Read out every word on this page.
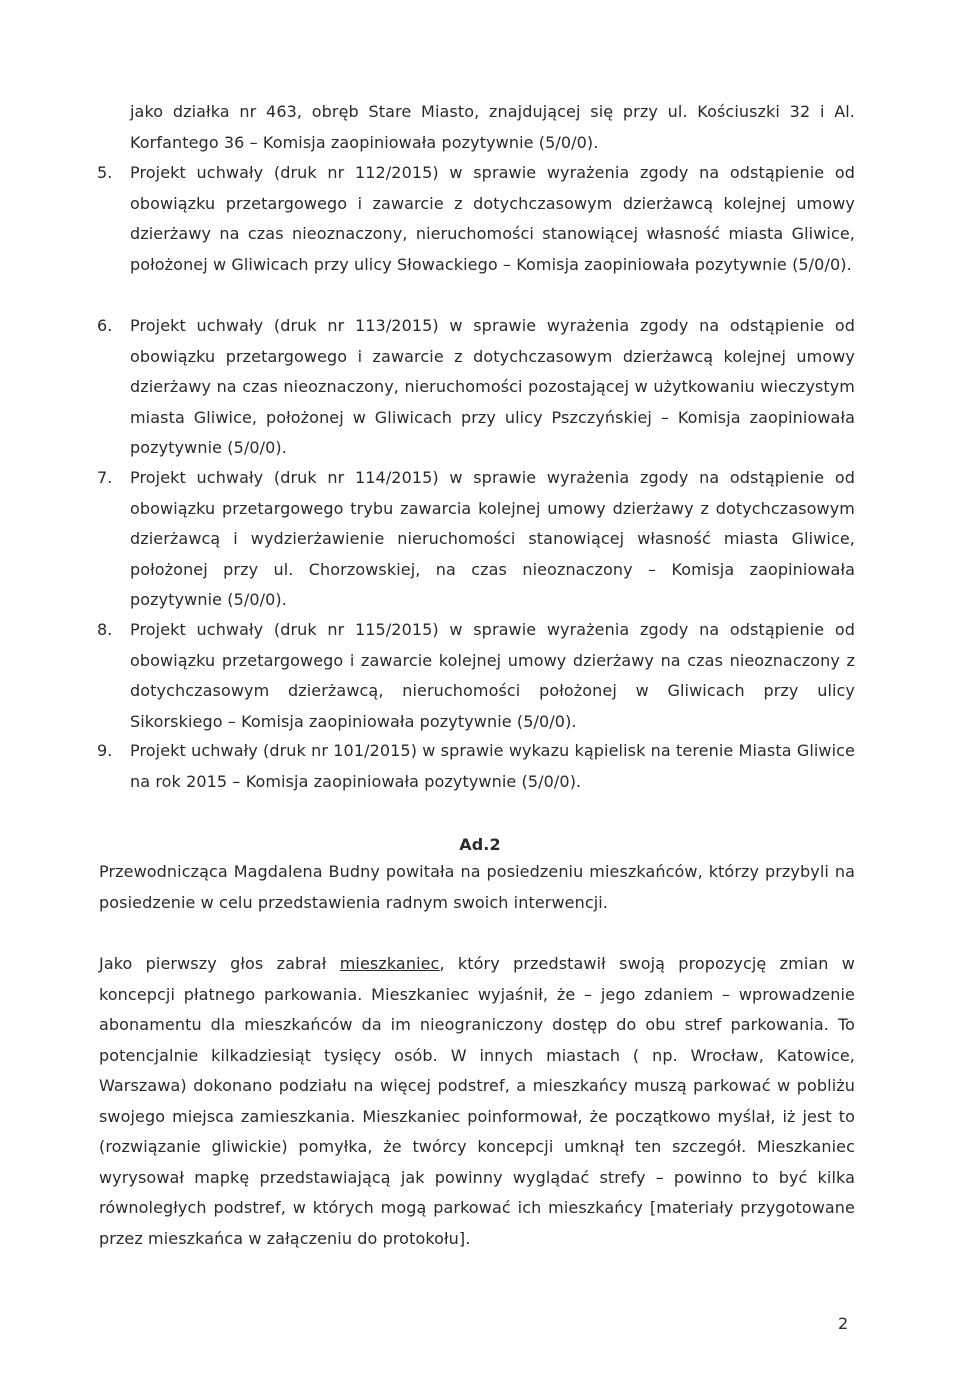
jako działka nr 463, obręb Stare Miasto, znajdującej się przy ul. Kościuszki 32 i Al. Korfantego 36 – Komisja zaopiniowała pozytywnie (5/0/0).
5. Projekt uchwały (druk nr 112/2015) w sprawie wyrażenia zgody na odstąpienie od obowiązku przetargowego i zawarcie z dotychczasowym dzierżawcą kolejnej umowy dzierżawy na czas nieoznaczony, nieruchomości stanowiącej własność miasta Gliwice, położonej w Gliwicach przy ulicy Słowackiego – Komisja zaopiniowała pozytywnie (5/0/0).
6. Projekt uchwały (druk nr 113/2015) w sprawie wyrażenia zgody na odstąpienie od obowiązku przetargowego i zawarcie z dotychczasowym dzierżawcą kolejnej umowy dzierżawy na czas nieoznaczony, nieruchomości pozostającej w użytkowaniu wieczystym miasta Gliwice, położonej w Gliwicach przy ulicy Pszczyńskiej – Komisja zaopiniowała pozytywnie (5/0/0).
7. Projekt uchwały (druk nr 114/2015) w sprawie wyrażenia zgody na odstąpienie od obowiązku przetargowego trybu zawarcia kolejnej umowy dzierżawy z dotychczasowym dzierżawcą i wydzierżawienie nieruchomości stanowiącej własność miasta Gliwice, położonej przy ul. Chorzowskiej, na czas nieoznaczony – Komisja zaopiniowała pozytywnie (5/0/0).
8. Projekt uchwały (druk nr 115/2015) w sprawie wyrażenia zgody na odstąpienie od obowiązku przetargowego i zawarcie kolejnej umowy dzierżawy na czas nieoznaczony z dotychczasowym dzierżawcą, nieruchomości położonej w Gliwicach przy ulicy Sikorskiego – Komisja zaopiniowała pozytywnie (5/0/0).
9. Projekt uchwały (druk nr 101/2015) w sprawie wykazu kąpielisk na terenie Miasta Gliwice na rok 2015 – Komisja zaopiniowała pozytywnie (5/0/0).
Ad.2
Przewodnicząca Magdalena Budny powitała na posiedzeniu mieszkańców, którzy przybyli na posiedzenie w celu przedstawienia radnym swoich interwencji.
Jako pierwszy głos zabrał mieszkaniec, który przedstawił swoją propozycję zmian w koncepcji płatnego parkowania. Mieszkaniec wyjaśnił, że – jego zdaniem – wprowadzenie abonamentu dla mieszkańców da im nieograniczony dostęp do obu stref parkowania. To potencjalnie kilkadziesiąt tysięcy osób. W innych miastach ( np. Wrocław, Katowice, Warszawa) dokonano podziału na więcej podstref, a mieszkańcy muszą parkować w pobliżu swojego miejsca zamieszkania. Mieszkaniec poinformował, że początkowo myślał, iż jest to (rozwiązanie gliwickie) pomyłka, że twórcy koncepcji umknął ten szczegół. Mieszkaniec wyrysował mapkę przedstawiającą jak powinny wyglądać strefy – powinno to być kilka równoległych podstref, w których mogą parkować ich mieszkańcy [materiały przygotowane przez mieszkańca w załączeniu do protokołu].
2
